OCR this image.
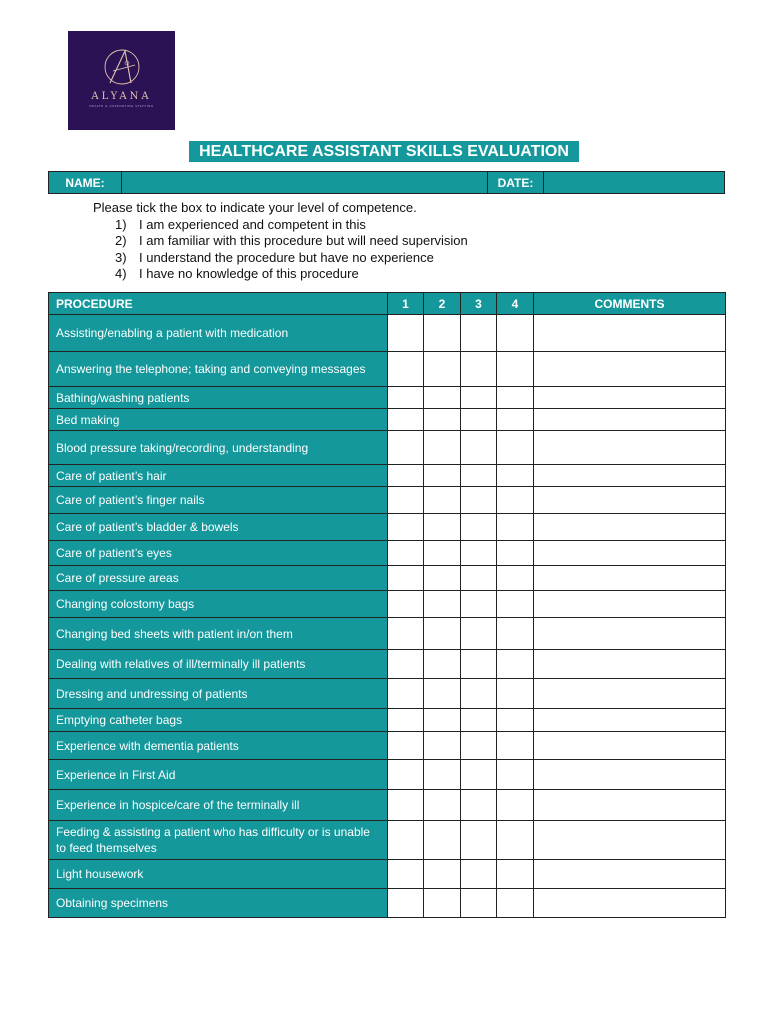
ALYANA
HEALTH & SUPPORTING STAFFING
HEALTHCARE ASSISTANT SKILLS EVALUATION
NAME:	DATE:
Please tick the box to indicate your level of competence.
1) I am experienced and competent in this
2) I am familiar with this procedure but will need supervision
3) I understand the procedure but have no experience
4) I have no knowledge of this procedure
PROCEDURE	1	2	3	4	COMMENTS
Assisting/enabling a patient with medication					
Answering the telephone; taking and conveying messages					
Bathing/washing patients					
Bed making					
Blood pressure taking/recording, understanding					
Care of patient’s hair					
Care of patient’s finger nails					
Care of patient’s bladder & bowels					
Care of patient’s eyes					
Care of pressure areas					
Changing colostomy bags					
Changing bed sheets with patient in/on them					
Dealing with relatives of ill/terminally ill patients					
Dressing and undressing of patients					
Emptying catheter bags					
Experience with dementia patients					
Experience in First Aid					
Experience in hospice/care of the terminally ill					
Feeding & assisting a patient who has difficulty or is unable to feed themselves					
Light housework					
Obtaining specimens					
